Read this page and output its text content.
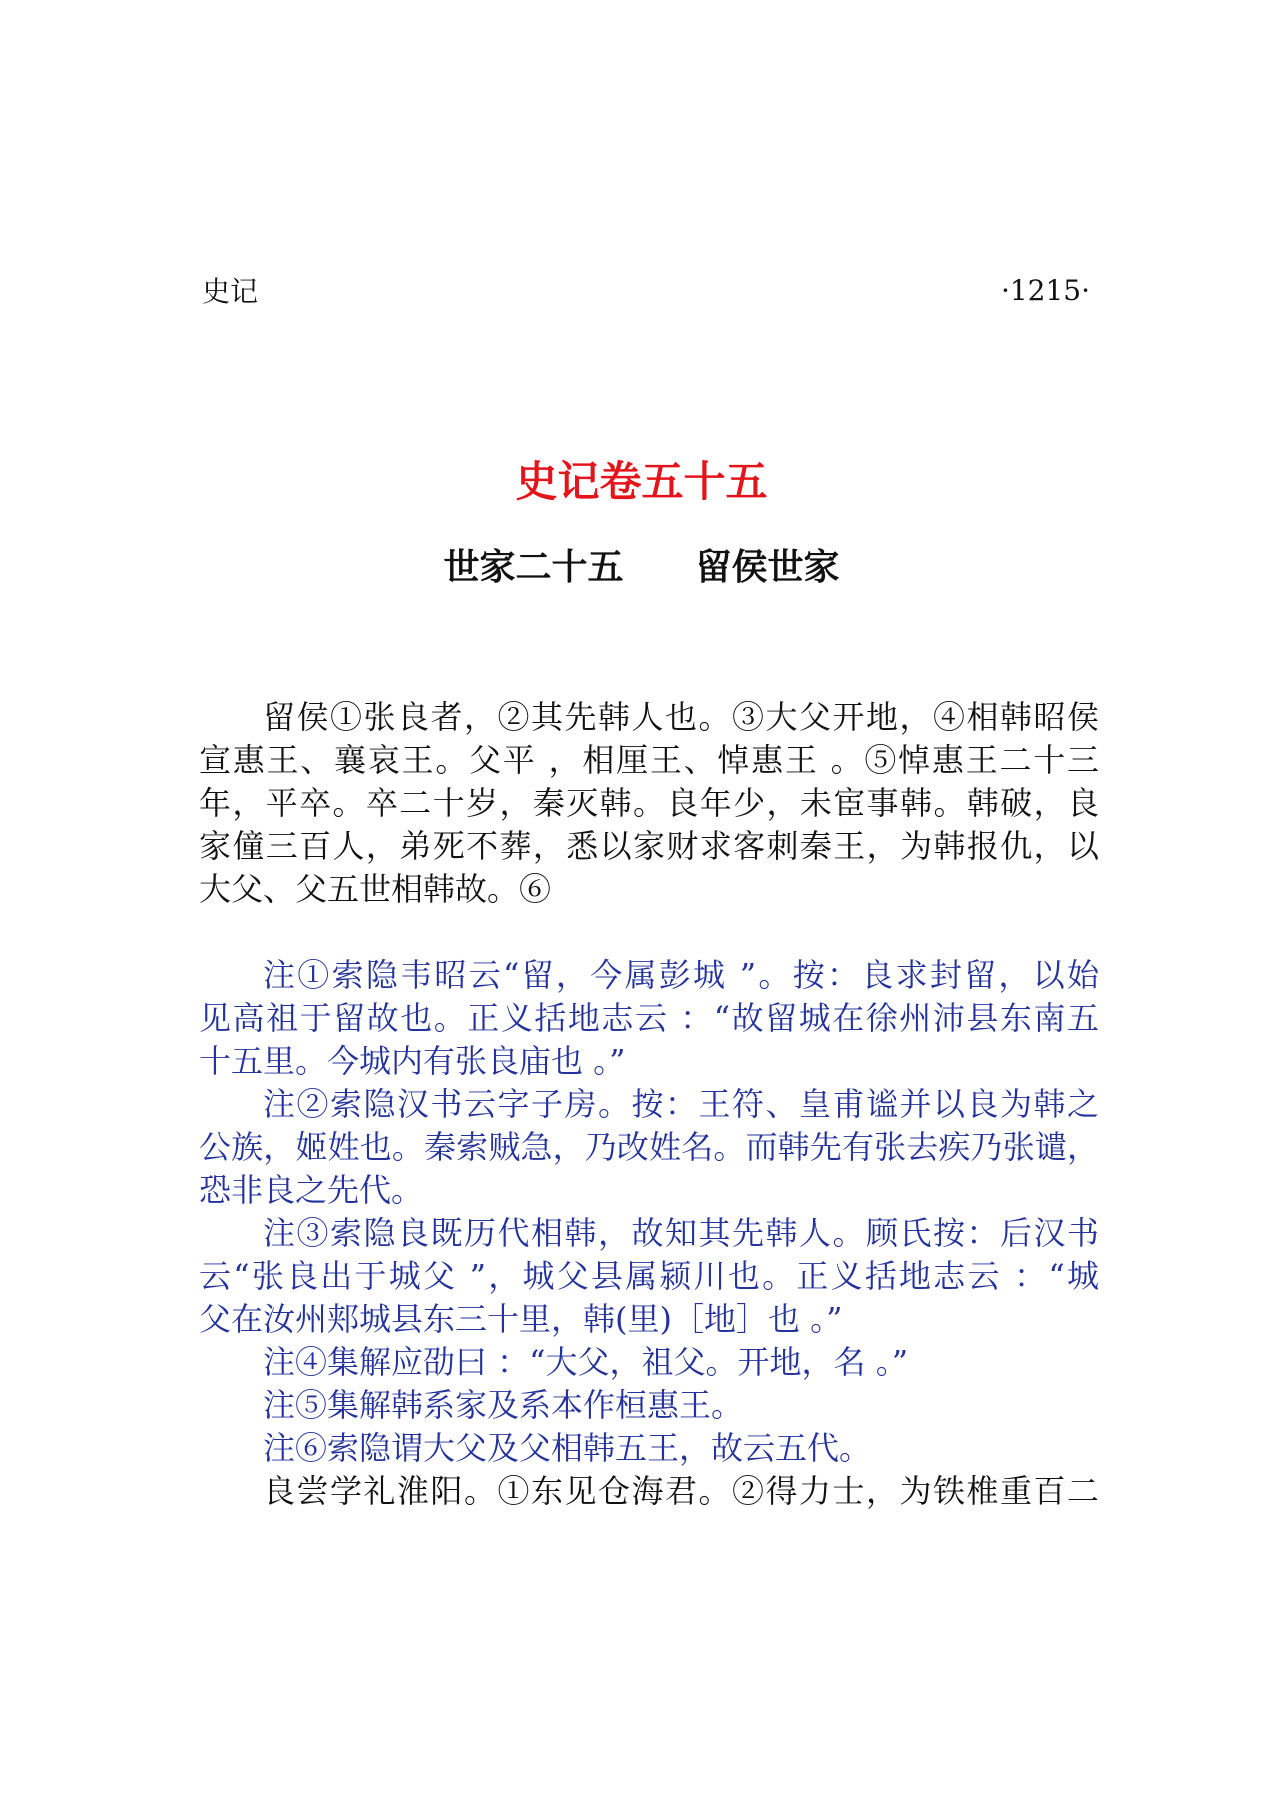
史记	·1215·
史记卷五十五
世家二十五　　留侯世家
留侯①张良者，②其先韩人也。③大父开地，④相韩昭侯
宣惠王、襄哀王。父平 ，相厘王、悼惠王 。⑤悼惠王二十三
年，平卒。卒二十岁，秦灭韩。良年少，未宦事韩。韩破，良
家僮三百人，弟死不葬，悉以家财求客刺秦王，为韩报仇，以
大父、父五世相韩故。⑥
注①索隐韦昭云“留，今属彭城 ”。按：良求封留，以始
见高祖于留故也。正义括地志云 ：“故留城在徐州沛县东南五
十五里。今城内有张良庙也 。”
注②索隐汉书云字子房。按：王符、皇甫谧并以良为韩之
公族，姬姓也。秦索贼急，乃改姓名。而韩先有张去疾乃张谴，
恐非良之先代。
注③索隐良既历代相韩，故知其先韩人。顾氏按：后汉书
云“张良出于城父 ”，城父县属颍川也。正义括地志云 ：“城
父在汝州郏城县东三十里，韩(里)［地］也 。”
注④集解应劭曰 ：“大父，祖父。开地，名 。”
注⑤集解韩系家及系本作桓惠王。
注⑥索隐谓大父及父相韩五王，故云五代。
良尝学礼淮阳。①东见仓海君。②得力士，为铁椎重百二
